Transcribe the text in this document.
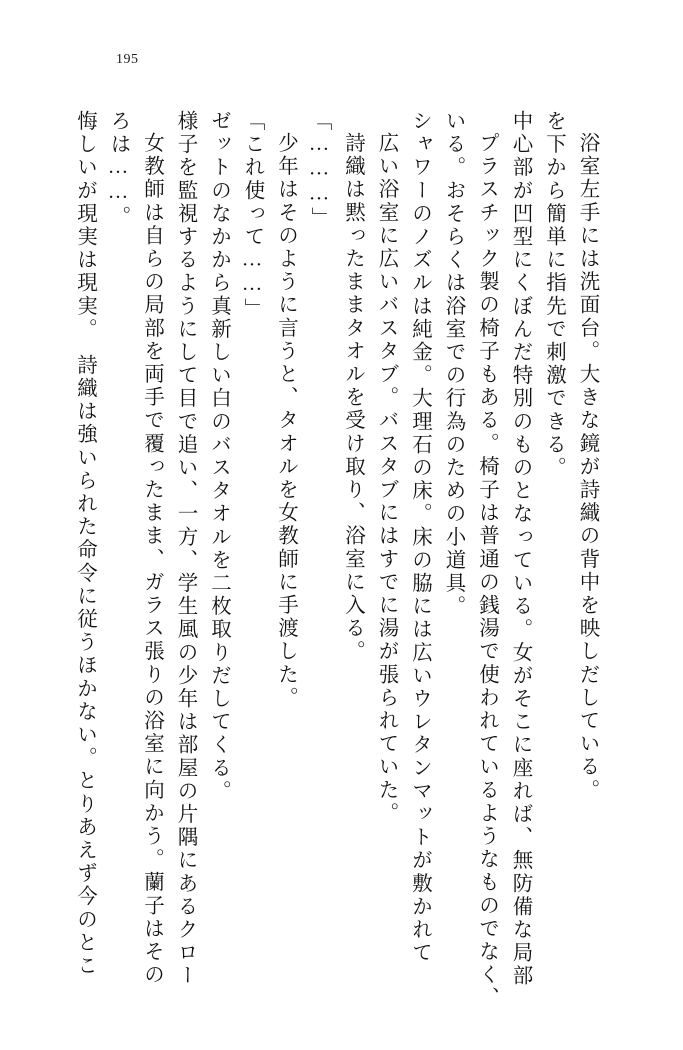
195
悔しいが現実は現実。　詩織は強いられた命令に従うほかない。とりあえず今のとこ ろは……。 女教師は自らの局部を両手で覆ったまま、ガラス張りの浴室に向かう。蘭子はその 様子を監視するようにして目で追い、一方、学生風の少年は部屋の片隅にあるクロー ゼットのなかから真新しい白のバスタオルを二枚取りだしてくる。 「これ使って……」 少年はそのように言うと、タオルを女教師に手渡した。 「………」 詩織は黙ったままタオルを受け取り、浴室に入る。 広い浴室に広いバスタブ。バスタブにはすでに湯が張られていた。 シャワーのノズルは純金。大理石の床。床の脇には広いウレタンマットが敷かれて いる。おそらくは浴室での行為のための小道具。 プラスチック製の椅子もある。椅子は普通の銭湯で使われているようなものでなく、 中心部が凹型にくぼんだ特別のものとなっている。女がそこに座れば、無防備な局部 を下から簡単に指先で刺激できる。 浴室左手には洗面台。大きな鏡が詩織の背中を映しだしている。
